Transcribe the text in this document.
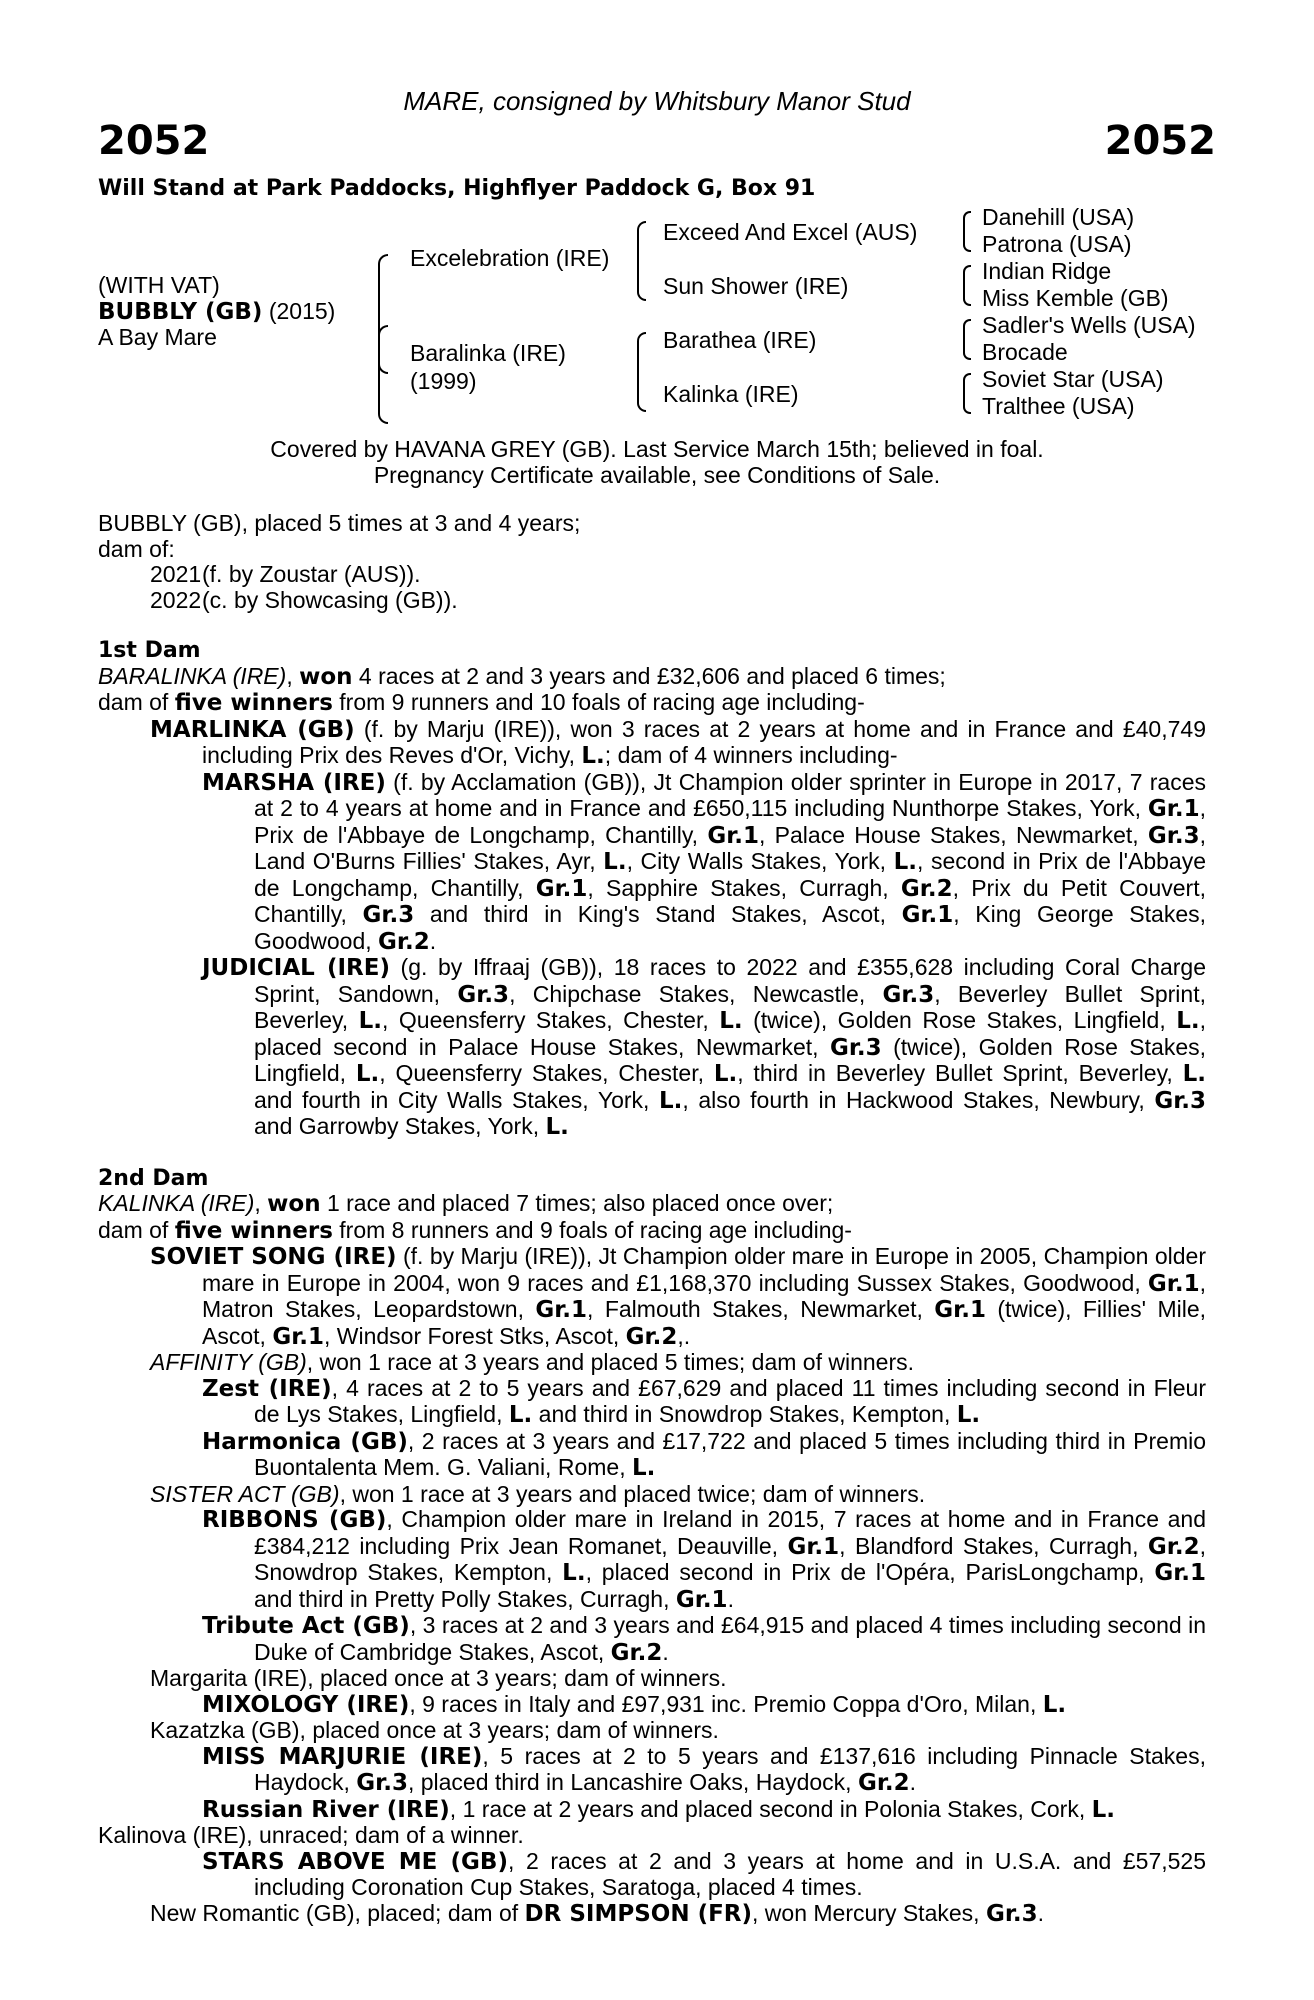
MARE, consigned by Whitsbury Manor Stud
2052	2052
Will Stand at Park Paddocks, Highflyer Paddock G, Box 91
(WITH VAT)
BUBBLY (GB) (2015)
A Bay Mare
Excelebration (IRE)
Baralinka (IRE)
(1999)
Exceed And Excel (AUS)
Sun Shower (IRE)
Barathea (IRE)
Kalinka (IRE)
Danehill (USA)
Patrona (USA)
Indian Ridge
Miss Kemble (GB)
Sadler's Wells (USA)
Brocade
Soviet Star (USA)
Tralthee (USA)
Covered by HAVANA GREY (GB). Last Service March 15th; believed in foal.
Pregnancy Certificate available, see Conditions of Sale.

BUBBLY (GB), placed 5 times at 3 and 4 years;

dam of:

2021 (f. by Zoustar (AUS)).
2022 (c. by Showcasing (GB)).

1st Dam

BARALINKA (IRE), won 4 races at 2 and 3 years and £32,606 and placed 6 times;

dam of five winners from 9 runners and 10 foals of racing age including-

MARLINKA (GB) (f. by Marju (IRE)), won 3 races at 2 years at home and in France and £40,749 including Prix des Reves d'Or, Vichy, L.; dam of 4 winners including-

MARSHA (IRE) (f. by Acclamation (GB)), Jt Champion older sprinter in Europe in 2017, 7 races at 2 to 4 years at home and in France and £650,115 including Nunthorpe Stakes, York, Gr.1, Prix de l'Abbaye de Longchamp, Chantilly, Gr.1, Palace House Stakes, Newmarket, Gr.3, Land O'Burns Fillies' Stakes, Ayr, L., City Walls Stakes, York, L., second in Prix de l'Abbaye de Longchamp, Chantilly, Gr.1, Sapphire Stakes, Curragh, Gr.2, Prix du Petit Couvert, Chantilly, Gr.3 and third in King's Stand Stakes, Ascot, Gr.1, King George Stakes, Goodwood, Gr.2.

JUDICIAL (IRE) (g. by Iffraaj (GB)), 18 races to 2022 and £355,628 including Coral Charge Sprint, Sandown, Gr.3, Chipchase Stakes, Newcastle, Gr.3, Beverley Bullet Sprint, Beverley, L., Queensferry Stakes, Chester, L. (twice), Golden Rose Stakes, Lingfield, L., placed second in Palace House Stakes, Newmarket, Gr.3 (twice), Golden Rose Stakes, Lingfield, L., Queensferry Stakes, Chester, L., third in Beverley Bullet Sprint, Beverley, L. and fourth in City Walls Stakes, York, L., also fourth in Hackwood Stakes, Newbury, Gr.3 and Garrowby Stakes, York, L.

2nd Dam

KALINKA (IRE), won 1 race and placed 7 times; also placed once over;

dam of five winners from 8 runners and 9 foals of racing age including-

SOVIET SONG (IRE) (f. by Marju (IRE)), Jt Champion older mare in Europe in 2005, Champion older mare in Europe in 2004, won 9 races and £1,168,370 including Sussex Stakes, Goodwood, Gr.1, Matron Stakes, Leopardstown, Gr.1, Falmouth Stakes, Newmarket, Gr.1 (twice), Fillies' Mile, Ascot, Gr.1, Windsor Forest Stks, Ascot, Gr.2,.

AFFINITY (GB), won 1 race at 3 years and placed 5 times; dam of winners.

Zest (IRE), 4 races at 2 to 5 years and £67,629 and placed 11 times including second in Fleur de Lys Stakes, Lingfield, L. and third in Snowdrop Stakes, Kempton, L.

Harmonica (GB), 2 races at 3 years and £17,722 and placed 5 times including third in Premio Buontalenta Mem. G. Valiani, Rome, L.

SISTER ACT (GB), won 1 race at 3 years and placed twice; dam of winners.

RIBBONS (GB), Champion older mare in Ireland in 2015, 7 races at home and in France and £384,212 including Prix Jean Romanet, Deauville, Gr.1, Blandford Stakes, Curragh, Gr.2, Snowdrop Stakes, Kempton, L., placed second in Prix de l'Opéra, ParisLongchamp, Gr.1 and third in Pretty Polly Stakes, Curragh, Gr.1.

Tribute Act (GB), 3 races at 2 and 3 years and £64,915 and placed 4 times including second in Duke of Cambridge Stakes, Ascot, Gr.2.

Margarita (IRE), placed once at 3 years; dam of winners.

MIXOLOGY (IRE), 9 races in Italy and £97,931 inc. Premio Coppa d'Oro, Milan, L.

Kazatzka (GB), placed once at 3 years; dam of winners.

MISS MARJURIE (IRE), 5 races at 2 to 5 years and £137,616 including Pinnacle Stakes, Haydock, Gr.3, placed third in Lancashire Oaks, Haydock, Gr.2.

Russian River (IRE), 1 race at 2 years and placed second in Polonia Stakes, Cork, L.

Kalinova (IRE), unraced; dam of a winner.

STARS ABOVE ME (GB), 2 races at 2 and 3 years at home and in U.S.A. and £57,525 including Coronation Cup Stakes, Saratoga, placed 4 times.

New Romantic (GB), placed; dam of DR SIMPSON (FR), won Mercury Stakes, Gr.3.
